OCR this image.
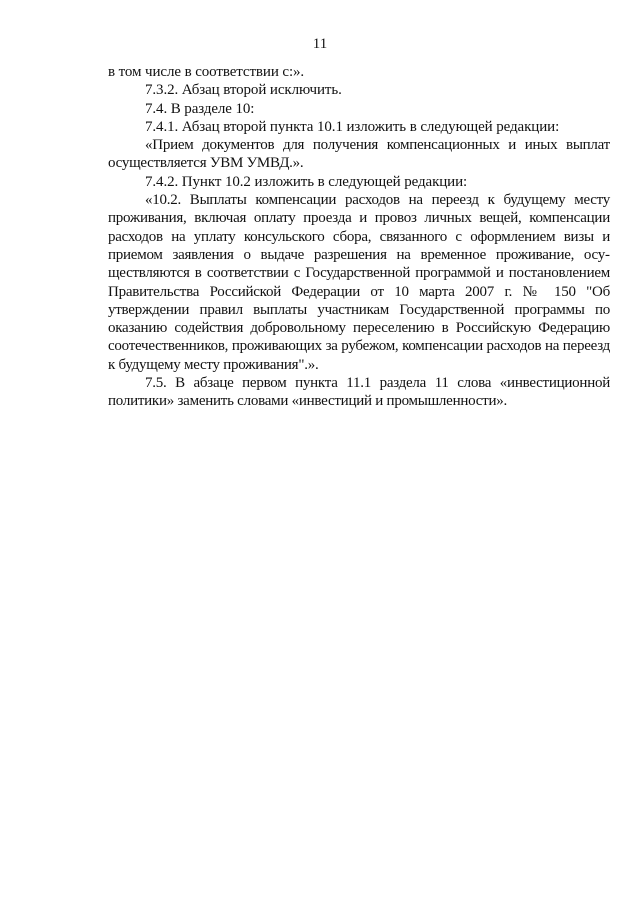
11

в том числе в соответствии с:».

7.3.2. Абзац второй исключить.

7.4. В разделе 10:

7.4.1. Абзац второй пункта 10.1 изложить в следующей редакции:

«Прием документов для получения компенсационных и иных выплат осуществляется УВМ УМВД.».

7.4.2. Пункт 10.2 изложить в следующей редакции:

«10.2. Выплаты компенсации расходов на переезд к будущему месту проживания, включая оплату проезда и провоз личных вещей, компенсации расходов на уплату консульского сбора, связанного с оформлением визы и приемом заявления о выдаче разрешения на временное проживание, осуществляются в соответствии с Государственной программой и постановлением Правительства Российской Федерации от 10 марта 2007 г. № 150 "Об утверждении правил выплаты участникам Государственной программы по оказанию содействия добровольному переселению в Российскую Федерацию соотечественников, проживающих за рубежом, компенсации расходов на переезд к будущему месту проживания".».

7.5. В абзаце первом пункта 11.1 раздела 11 слова «инвестиционной политики» заменить словами «инвестиций и промышленности».
